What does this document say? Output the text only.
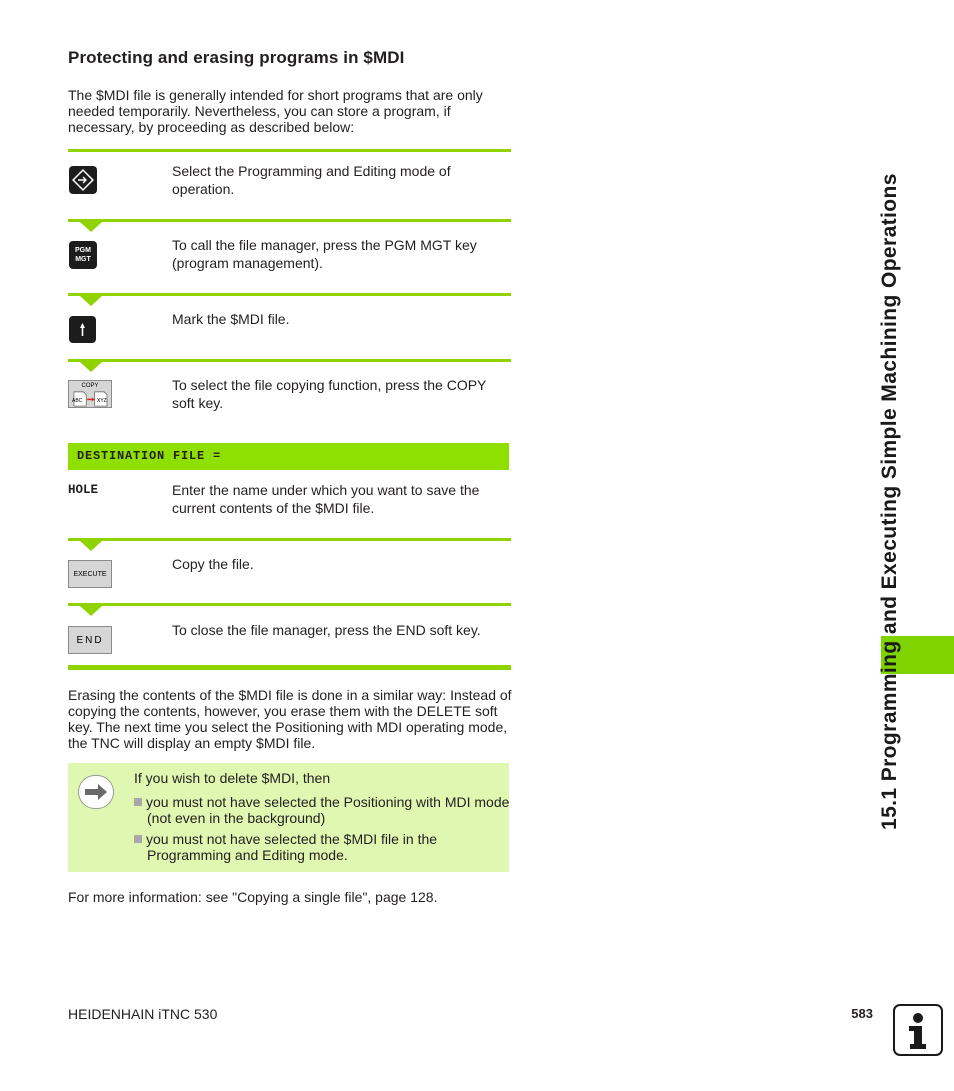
Protecting and erasing programs in $MDI
The $MDI file is generally intended for short programs that are only needed temporarily. Nevertheless, you can store a program, if necessary, by proceeding as described below:
Select the Programming and Editing mode of operation.
PGM
MGT
To call the file manager, press the PGM MGT key (program management).
Mark the $MDI file.
COPY
ABC	XYZ
To select the file copying function, press the COPY soft key.
DESTINATION FILE =
HOLE	Enter the name under which you want to save the current contents of the $MDI file.
EXECUTE
Copy the file.
END
To close the file manager, press the END soft key.
Erasing the contents of the $MDI file is done in a similar way: Instead of copying the contents, however, you erase them with the DELETE soft key. The next time you select the Positioning with MDI operating mode, the TNC will display an empty $MDI file.
If you wish to delete $MDI, then
you must not have selected the Positioning with MDI mode (not even in the background)
you must not have selected the $MDI file in the Programming and Editing mode.
For more information: see "Copying a single file", page 128.
15.1 Programming and Executing Simple Machining Operations
HEIDENHAIN iTNC 530	583
